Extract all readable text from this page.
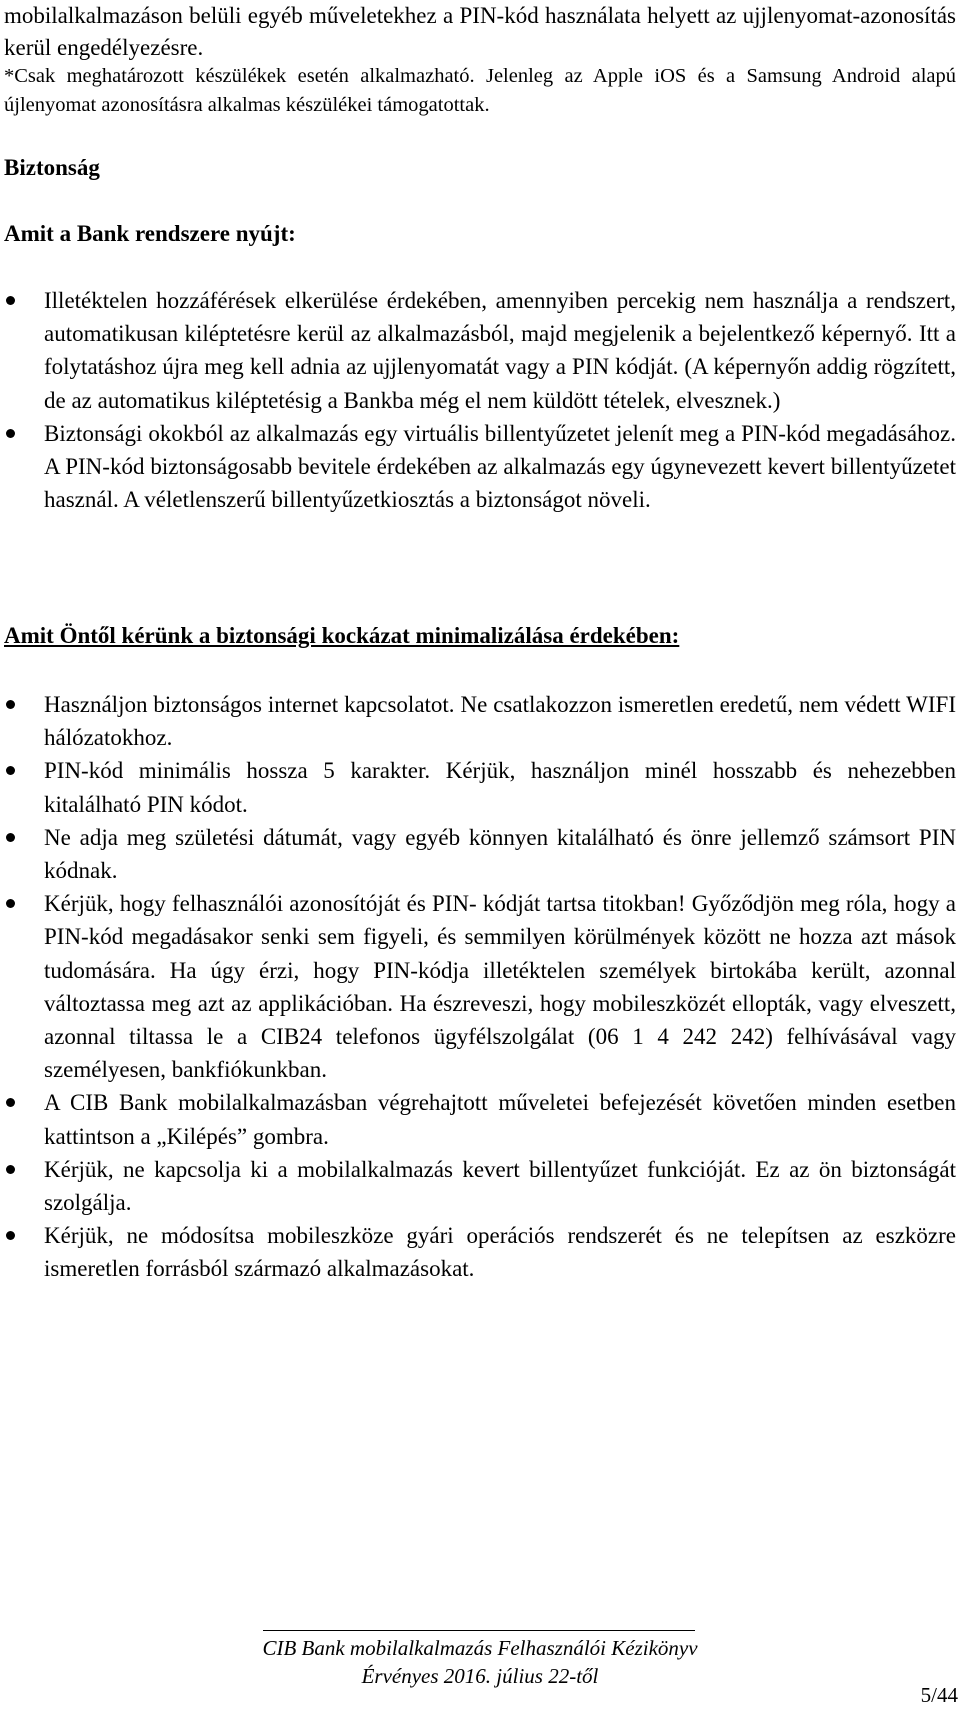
mobilalkalmazáson belüli egyéb műveletekhez a PIN-kód használata helyett az ujjlenyomat-azonosítás kerül engedélyezésre.

*Csak meghatározott készülékek esetén alkalmazható. Jelenleg az Apple iOS és a Samsung Android alapú újlenyomat azonosításra alkalmas készülékei támogatottak.

Biztonság
Amit a Bank rendszere nyújt:
Illetéktelen hozzáférések elkerülése érdekében, amennyiben percekig nem használja a rendszert, automatikusan kiléptetésre kerül az alkalmazásból, majd megjelenik a bejelentkező képernyő. Itt a folytatáshoz újra meg kell adnia az ujjlenyomatát vagy a PIN kódját. (A képernyőn addig rögzített, de az automatikus kiléptetésig a Bankba még el nem küldött tételek, elvesznek.)
Biztonsági okokból az alkalmazás egy virtuális billentyűzetet jelenít meg a PIN-kód megadásához. A PIN-kód biztonságosabb bevitele érdekében az alkalmazás egy úgynevezett kevert billentyűzetet használ. A véletlenszerű billentyűzetkiosztás a biztonságot növeli.
Amit Öntől kérünk a biztonsági kockázat minimalizálása érdekében:
Használjon biztonságos internet kapcsolatot. Ne csatlakozzon ismeretlen eredetű, nem védett WIFI hálózatokhoz.
PIN-kód minimális hossza 5 karakter. Kérjük, használjon minél hosszabb és nehezebben kitalálható PIN kódot.
Ne adja meg születési dátumát, vagy egyéb könnyen kitalálható és önre jellemző számsort PIN kódnak.
Kérjük, hogy felhasználói azonosítóját és PIN- kódját tartsa titokban! Győződjön meg róla, hogy a PIN-kód megadásakor senki sem figyeli, és semmilyen körülmények között ne hozza azt mások tudomására. Ha úgy érzi, hogy PIN-kódja illetéktelen személyek birtokába került, azonnal változtassa meg azt az applikációban. Ha észreveszi, hogy mobileszközét ellopták, vagy elveszett, azonnal tiltassa le a CIB24 telefonos ügyfélszolgálat (06 1 4 242 242) felhívásával vagy személyesen, bankfiókunkban.
A CIB Bank mobilalkalmazásban végrehajtott műveletei befejezését követően minden esetben kattintson a „Kilépés” gombra.
Kérjük, ne kapcsolja ki a mobilalkalmazás kevert billentyűzet funkcióját. Ez az ön biztonságát szolgálja.
Kérjük, ne módosítsa mobileszköze gyári operációs rendszerét és ne telepítsen az eszközre ismeretlen forrásból származó alkalmazásokat.
CIB Bank mobilalkalmazás Felhasználói Kézikönyv
Érvényes 2016. július 22-től
5/44
